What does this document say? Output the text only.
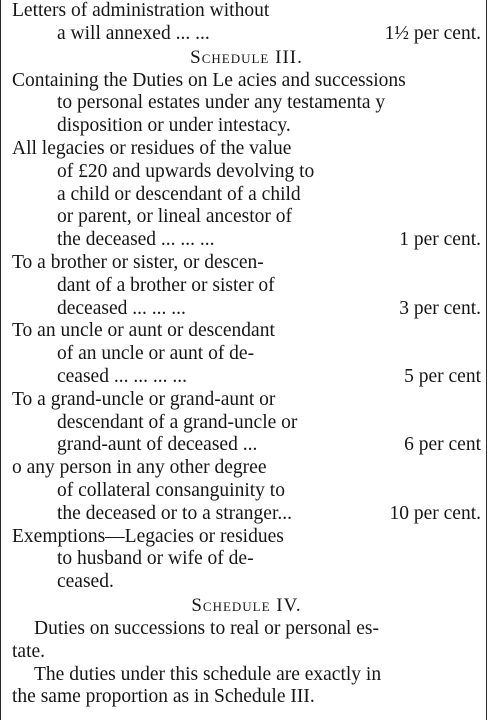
Letters of administration without
a will annexed ... ...	1½ per cent.
Schedule III.
Containing the Duties on Le acies and successions
to personal estates under any testamenta y
disposition or under intestacy.
All legacies or residues of the value
of £20 and upwards devolving to
a child or descendant of a child
or parent, or lineal ancestor of
the deceased ... ... ...	1 per cent.
To a brother or sister, or descen-
dant of a brother or sister of
deceased ... ... ...	3 per cent.
To an uncle or aunt or descendant
of an uncle or aunt of de-
ceased ... ... ... ...	5 per cent
To a grand-uncle or grand-aunt or
descendant of a grand-uncle or
grand-aunt of deceased ...	6 per cent
o any person in any other degree
of collateral consanguinity to
the deceased or to a stranger...	10 per cent.
Exemptions—Legacies or residues
to husband or wife of de-
ceased.
Schedule IV.
Duties on successions to real or personal es-
tate.
The duties under this schedule are exactly in
the same proportion as in Schedule III.
